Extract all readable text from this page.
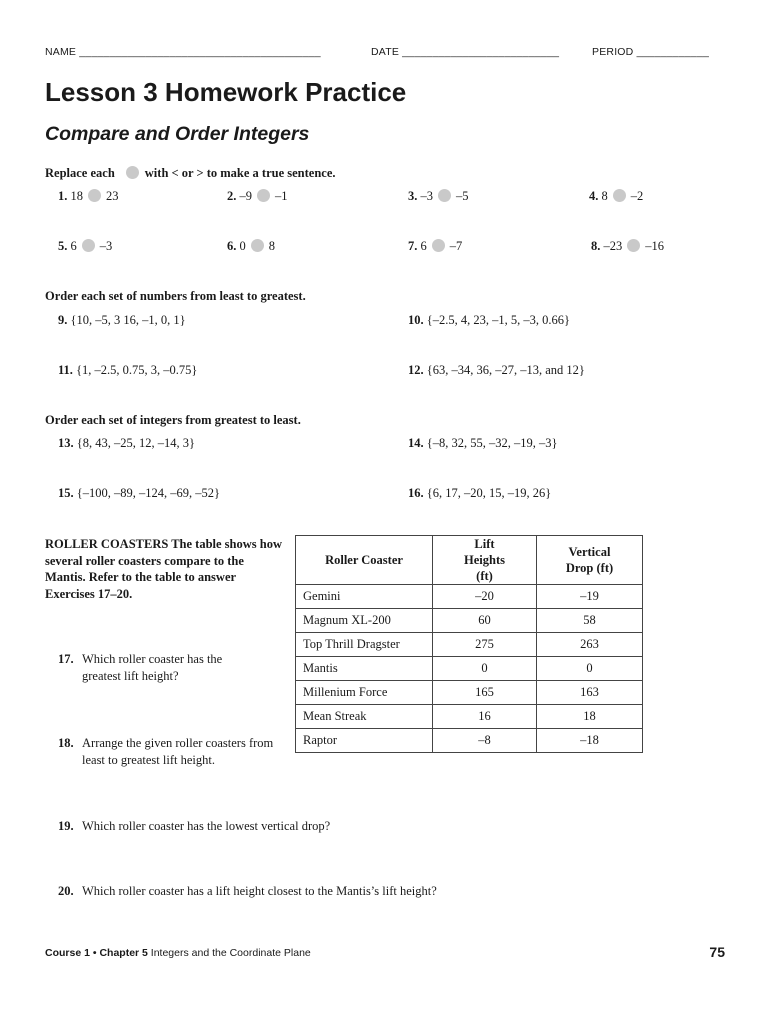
NAME ________________________________________	DATE __________________________	PERIOD ____________
Lesson 3 Homework Practice
Compare and Order Integers
Replace each with < or > to make a true sentence.
1. 18 23	2. –9 –1	3. –3 –5	4. 8 –2
5. 6 –3	6. 0 8	7. 6 –7	8. –23 –16
Order each set of numbers from least to greatest.
9. {10, –5, 3 16, –1, 0, 1}	10. {–2.5, 4, 23, –1, 5, –3, 0.66}
11. {1, –2.5, 0.75, 3, –0.75}	12. {63, –34, 36, –27, –13, and 12}
Order each set of integers from greatest to least.
13. {8, 43, –25, 12, –14, 3}	14. {–8, 32, 55, –32, –19, –3}
15. {–100, –89, –124, –69, –52}	16. {6, 17, –20, 15, –19, 26}
ROLLER COASTERS The table shows how several roller coasters compare to the Mantis. Refer to the table to answer Exercises 17–20.
Roller Coaster	Lift Heights (ft)	Vertical Drop (ft)
Gemini	–20	–19
Magnum XL-200	60	58
Top Thrill Dragster	275	263
Mantis	0	0
Millenium Force	165	163
Mean Streak	16	18
Raptor	–8	–18
17. Which roller coaster has the greatest lift height?
18. Arrange the given roller coasters from least to greatest lift height.
19. Which roller coaster has the lowest vertical drop?
20. Which roller coaster has a lift height closest to the Mantis’s lift height?
Course 1 • Chapter 5 Integers and the Coordinate Plane	75
